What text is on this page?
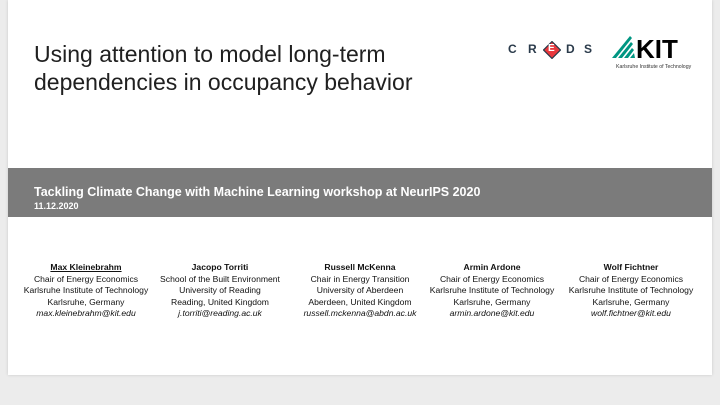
Using attention to model long-term
dependencies in occupancy behavior
C R E D S KIT
Karlsruhe Institute of Technology
Tackling Climate Change with Machine Learning workshop at NeurIPS 2020
11.12.2020
Max Kleinebrahm
Chair of Energy Economics
Karlsruhe Institute of Technology
Karlsruhe, Germany
max.kleinebrahm@kit.edu
Jacopo Torriti
School of the Built Environment
University of Reading
Reading, United Kingdom
j.torriti@reading.ac.uk
Russell McKenna
Chair in Energy Transition
University of Aberdeen
Aberdeen, United Kingdom
russell.mckenna@abdn.ac.uk
Armin Ardone
Chair of Energy Economics
Karlsruhe Institute of Technology
Karlsruhe, Germany
armin.ardone@kit.edu
Wolf Fichtner
Chair of Energy Economics
Karlsruhe Institute of Technology
Karlsruhe, Germany
wolf.fichtner@kit.edu
